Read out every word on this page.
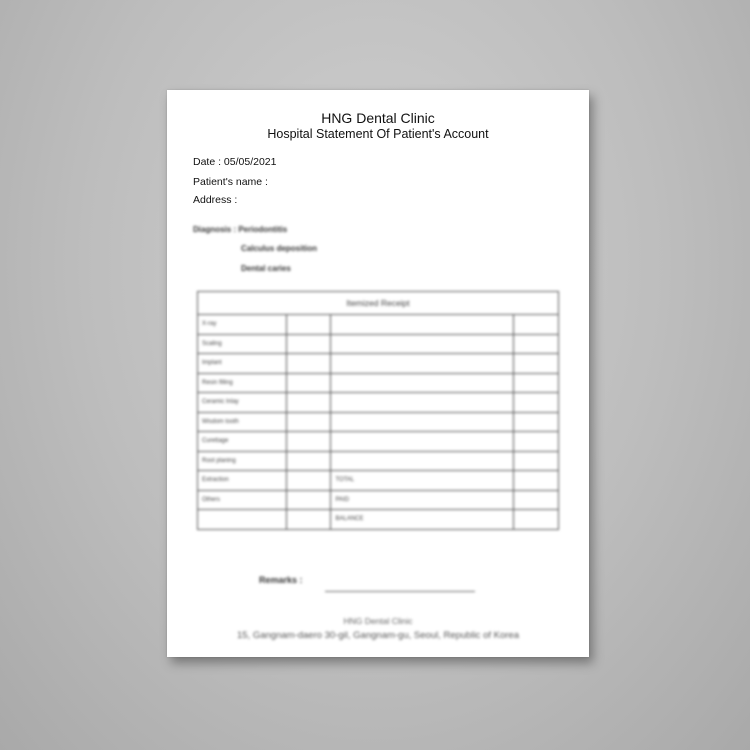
HNG Dental Clinic
Hospital Statement Of Patient's Account
Date : 05/05/2021
Patient's name :
Address :
Diagnosis : Periodontitis
Calculus deposition
Dental caries
Itemized Receipt			
X-ray			
Scaling			
Implant			
Resin filling			
Ceramic Inlay			
Wisdom tooth			
Curettage			
Root planing			
Extraction		TOTAL	
Others		PAID	
		BALANCE	
Remarks :
HNG Dental Clinic
15, Gangnam-daero 30-gil, Gangnam-gu, Seoul, Republic of Korea
